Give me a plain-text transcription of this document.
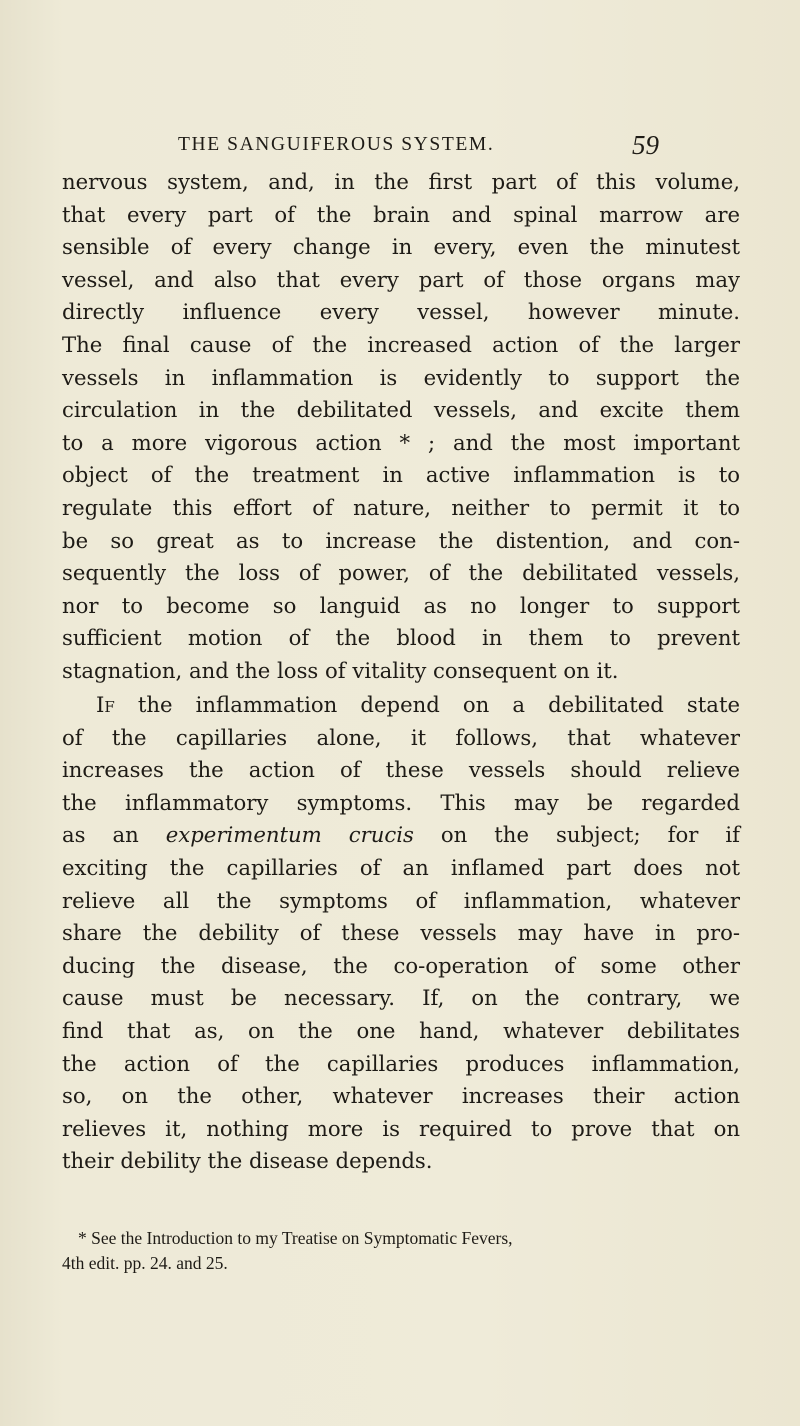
THE SANGUIFEROUS SYSTEM.	59
nervous system, and, in the first part of this volume,
that every part of the brain and spinal marrow are
sensible of every change in every, even the minutest
vessel, and also that every part of those organs may
directly influence every vessel, however minute.
The final cause of the increased action of the larger
vessels in inflammation is evidently to support the
circulation in the debilitated vessels, and excite them
to a more vigorous action * ; and the most important
object of the treatment in active inflammation is to
regulate this effort of nature, neither to permit it to
be so great as to increase the distention, and con-
sequently the loss of power, of the debilitated vessels,
nor to become so languid as no longer to support
sufficient motion of the blood in them to prevent
stagnation, and the loss of vitality consequent on it.
If the inflammation depend on a debilitated state
of the capillaries alone, it follows, that whatever
increases the action of these vessels should relieve
the inflammatory symptoms. This may be regarded
as an experimentum crucis on the subject; for if
exciting the capillaries of an inflamed part does not
relieve all the symptoms of inflammation, whatever
share the debility of these vessels may have in pro-
ducing the disease, the co-operation of some other
cause must be necessary. If, on the contrary, we
find that as, on the one hand, whatever debilitates
the action of the capillaries produces inflammation,
so, on the other, whatever increases their action
relieves it, nothing more is required to prove that on
their debility the disease depends.
* See the Introduction to my Treatise on Symptomatic Fevers,
4th edit. pp. 24. and 25.
